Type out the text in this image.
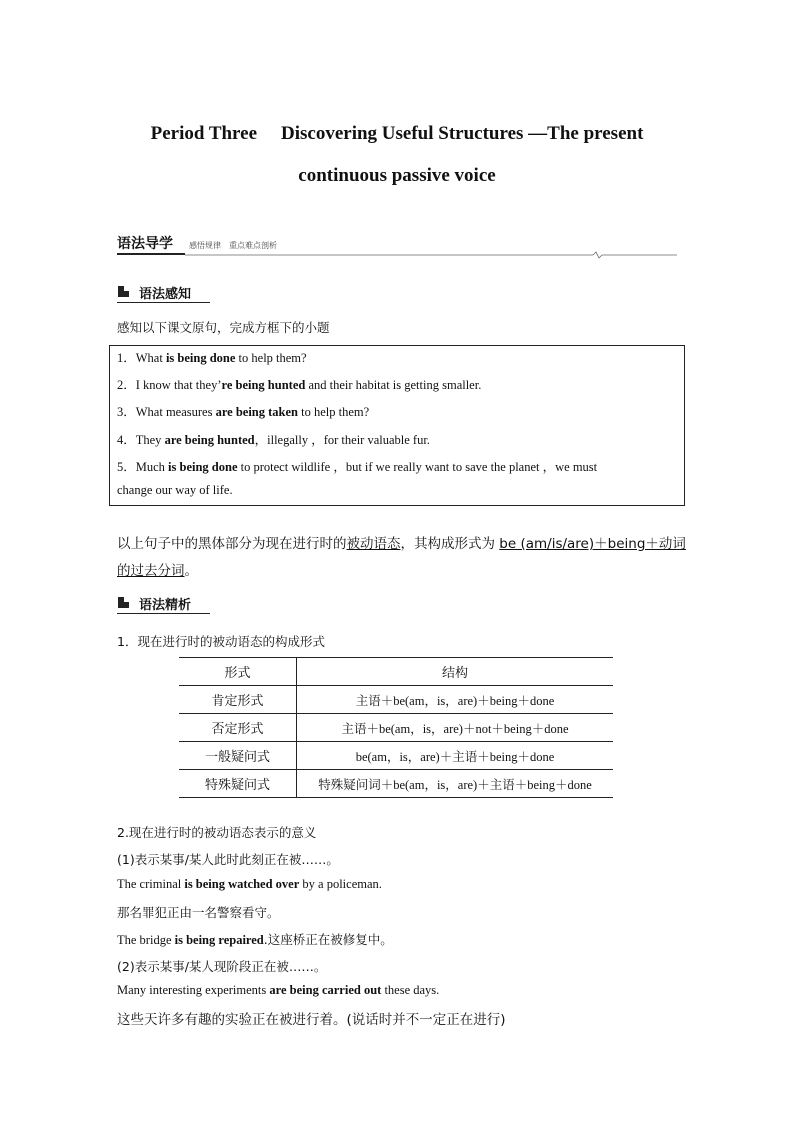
Period Three Discovering Useful Structures —The present
continuous passive voice
语法导学 感悟规律　重点难点剖析
语法感知
感知以下课文原句，完成方框下的小题
1．What is being done to help them?
2．I know that they’re being hunted and their habitat is getting smaller.
3．What measures are being taken to help them?
4．They are being hunted，illegally ，for their valuable fur.
5．Much is being done to protect wildlife ，but if we really want to save the planet ，we must
change our way of life.
以上句子中的黑体部分为现在进行时的被动语态，其构成形式为 be (am/is/are)＋being＋动词
的过去分词。
语法精析
1．现在进行时的被动语态的构成形式
形式	结构
肯定形式	主语＋be(am，is，are)＋being＋done
否定形式	主语＋be(am，is，are)＋not＋being＋done
一般疑问式	be(am，is，are)＋主语＋being＋done
特殊疑问式	特殊疑问词＋be(am，is，are)＋主语＋being＋done
2.现在进行时的被动语态表示的意义
(1)表示某事/某人此时此刻正在被……。
The criminal is being watched over by a policeman.
那名罪犯正由一名警察看守。
The bridge is being repaired.这座桥正在被修复中。
(2)表示某事/某人现阶段正在被……。
Many interesting experiments are being carried out these days.
这些天许多有趣的实验正在被进行着。(说话时并不一定正在进行)
